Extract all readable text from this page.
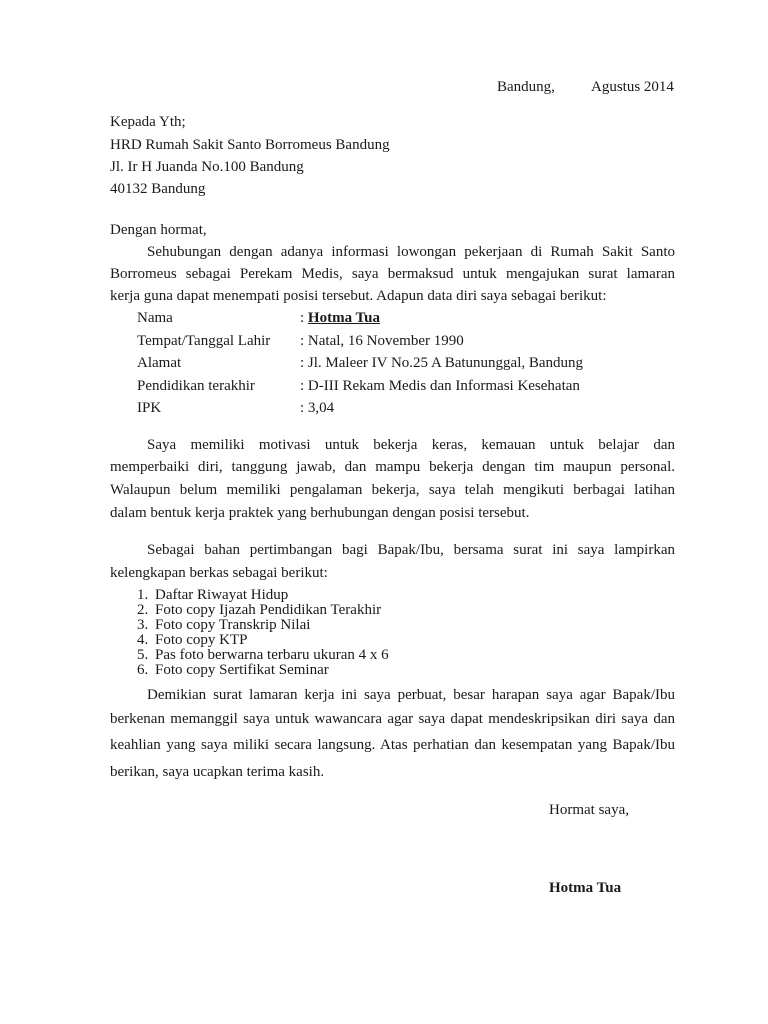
Bandung, Agustus 2014
Kepada Yth;
HRD Rumah Sakit Santo Borromeus Bandung
Jl. Ir H Juanda No.100 Bandung
40132 Bandung
Dengan hormat,
Sehubungan dengan adanya informasi lowongan pekerjaan di Rumah Sakit Santo
Borromeus sebagai Perekam Medis, saya bermaksud untuk mengajukan surat lamaran
kerja guna dapat menempati posisi tersebut. Adapun data diri saya sebagai berikut:
Nama	: Hotma Tua
Tempat/Tanggal Lahir : Natal, 16 November 1990
Alamat	: Jl. Maleer IV No.25 A Batununggal, Bandung
Pendidikan terakhir	: D-III Rekam Medis dan Informasi Kesehatan
IPK	: 3,04
Saya memiliki motivasi untuk bekerja keras, kemauan untuk belajar dan
memperbaiki diri, tanggung jawab, dan mampu bekerja dengan tim maupun personal.
Walaupun belum memiliki pengalaman bekerja, saya telah mengikuti berbagai latihan
dalam bentuk kerja praktek yang berhubungan dengan posisi tersebut.
Sebagai bahan pertimbangan bagi Bapak/Ibu, bersama surat ini saya lampirkan
kelengkapan berkas sebagai berikut:
1. Daftar Riwayat Hidup
2. Foto copy Ijazah Pendidikan Terakhir
3. Foto copy Transkrip Nilai
4. Foto copy KTP
5. Pas foto berwarna terbaru ukuran 4 x 6
6. Foto copy Sertifikat Seminar
Demikian surat lamaran kerja ini saya perbuat, besar harapan saya agar Bapak/Ibu
berkenan memanggil saya untuk wawancara agar saya dapat mendeskripsikan diri saya dan
keahlian yang saya miliki secara langsung. Atas perhatian dan kesempatan yang Bapak/Ibu
berikan, saya ucapkan terima kasih.
Hormat saya,
Hotma Tua
